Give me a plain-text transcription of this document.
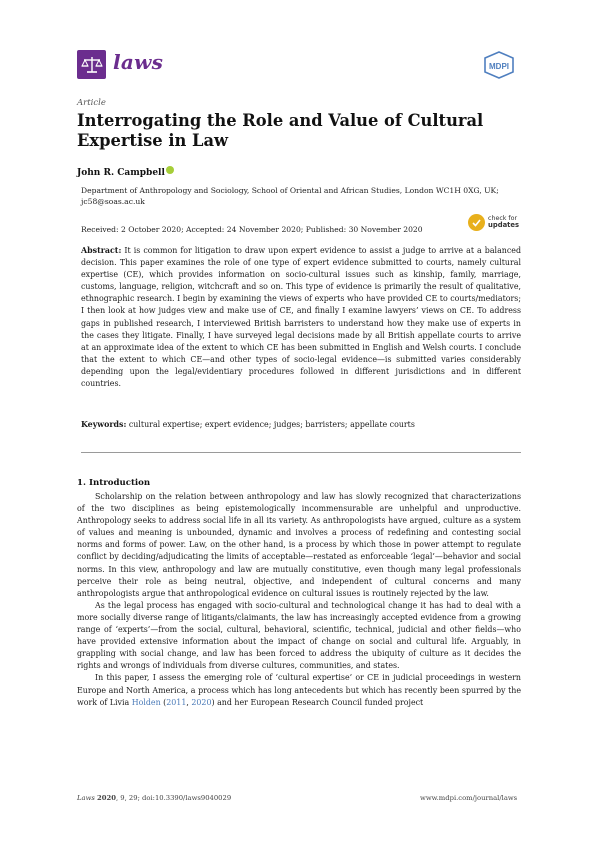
laws	MDPI
Article
Interrogating the Role and Value of Cultural Expertise in Law
John R. Campbell
Department of Anthropology and Sociology, School of Oriental and African Studies, London WC1H 0XG, UK;
jc58@soas.ac.uk
Received: 2 October 2020; Accepted: 24 November 2020; Published: 30 November 2020
check for
updates
Abstract: It is common for litigation to draw upon expert evidence to assist a judge to arrive at a balanced decision. This paper examines the role of one type of expert evidence submitted to courts, namely cultural expertise (CE), which provides information on socio-cultural issues such as kinship, family, marriage, customs, language, religion, witchcraft and so on. This type of evidence is primarily the result of qualitative, ethnographic research. I begin by examining the views of experts who have provided CE to courts/mediators; I then look at how judges view and make use of CE, and finally I examine lawyers’ views on CE. To address gaps in published research, I interviewed British barristers to understand how they make use of experts in the cases they litigate. Finally, I have surveyed legal decisions made by all British appellate courts to arrive at an approximate idea of the extent to which CE has been submitted in English and Welsh courts. I conclude that the extent to which CE—and other types of socio-legal evidence—is submitted varies considerably depending upon the legal/evidentiary procedures followed in different jurisdictions and in different countries.
Keywords: cultural expertise; expert evidence; judges; barristers; appellate courts
1. Introduction

Scholarship on the relation between anthropology and law has slowly recognized that characterizations of the two disciplines as being epistemologically incommensurable are unhelpful and unproductive. Anthropology seeks to address social life in all its variety. As anthropologists have argued, culture as a system of values and meaning is unbounded, dynamic and involves a process of redefining and contesting social norms and forms of power. Law, on the other hand, is a process by which those in power attempt to regulate conflict by deciding/adjudicating the limits of acceptable—restated as enforceable ‘legal’—behavior and social norms. In this view, anthropology and law are mutually constitutive, even though many legal professionals perceive their role as being neutral, objective, and independent of cultural concerns and many anthropologists argue that anthropological evidence on cultural issues is routinely rejected by the law.

As the legal process has engaged with socio-cultural and technological change it has had to deal with a more socially diverse range of litigants/claimants, the law has increasingly accepted evidence from a growing range of ‘experts’—from the social, cultural, behavioral, scientific, technical, judicial and other fields—who have provided extensive information about the impact of change on social and cultural life. Arguably, in grappling with social change, and law has been forced to address the ubiquity of culture as it decides the rights and wrongs of individuals from diverse cultures, communities, and states.

In this paper, I assess the emerging role of ‘cultural expertise’ or CE in judicial proceedings in western Europe and North America, a process which has long antecedents but which has recently been spurred by the work of Livia Holden (2011, 2020) and her European Research Council funded project

Laws 2020, 9, 29; doi:10.3390/laws9040029	www.mdpi.com/journal/laws
